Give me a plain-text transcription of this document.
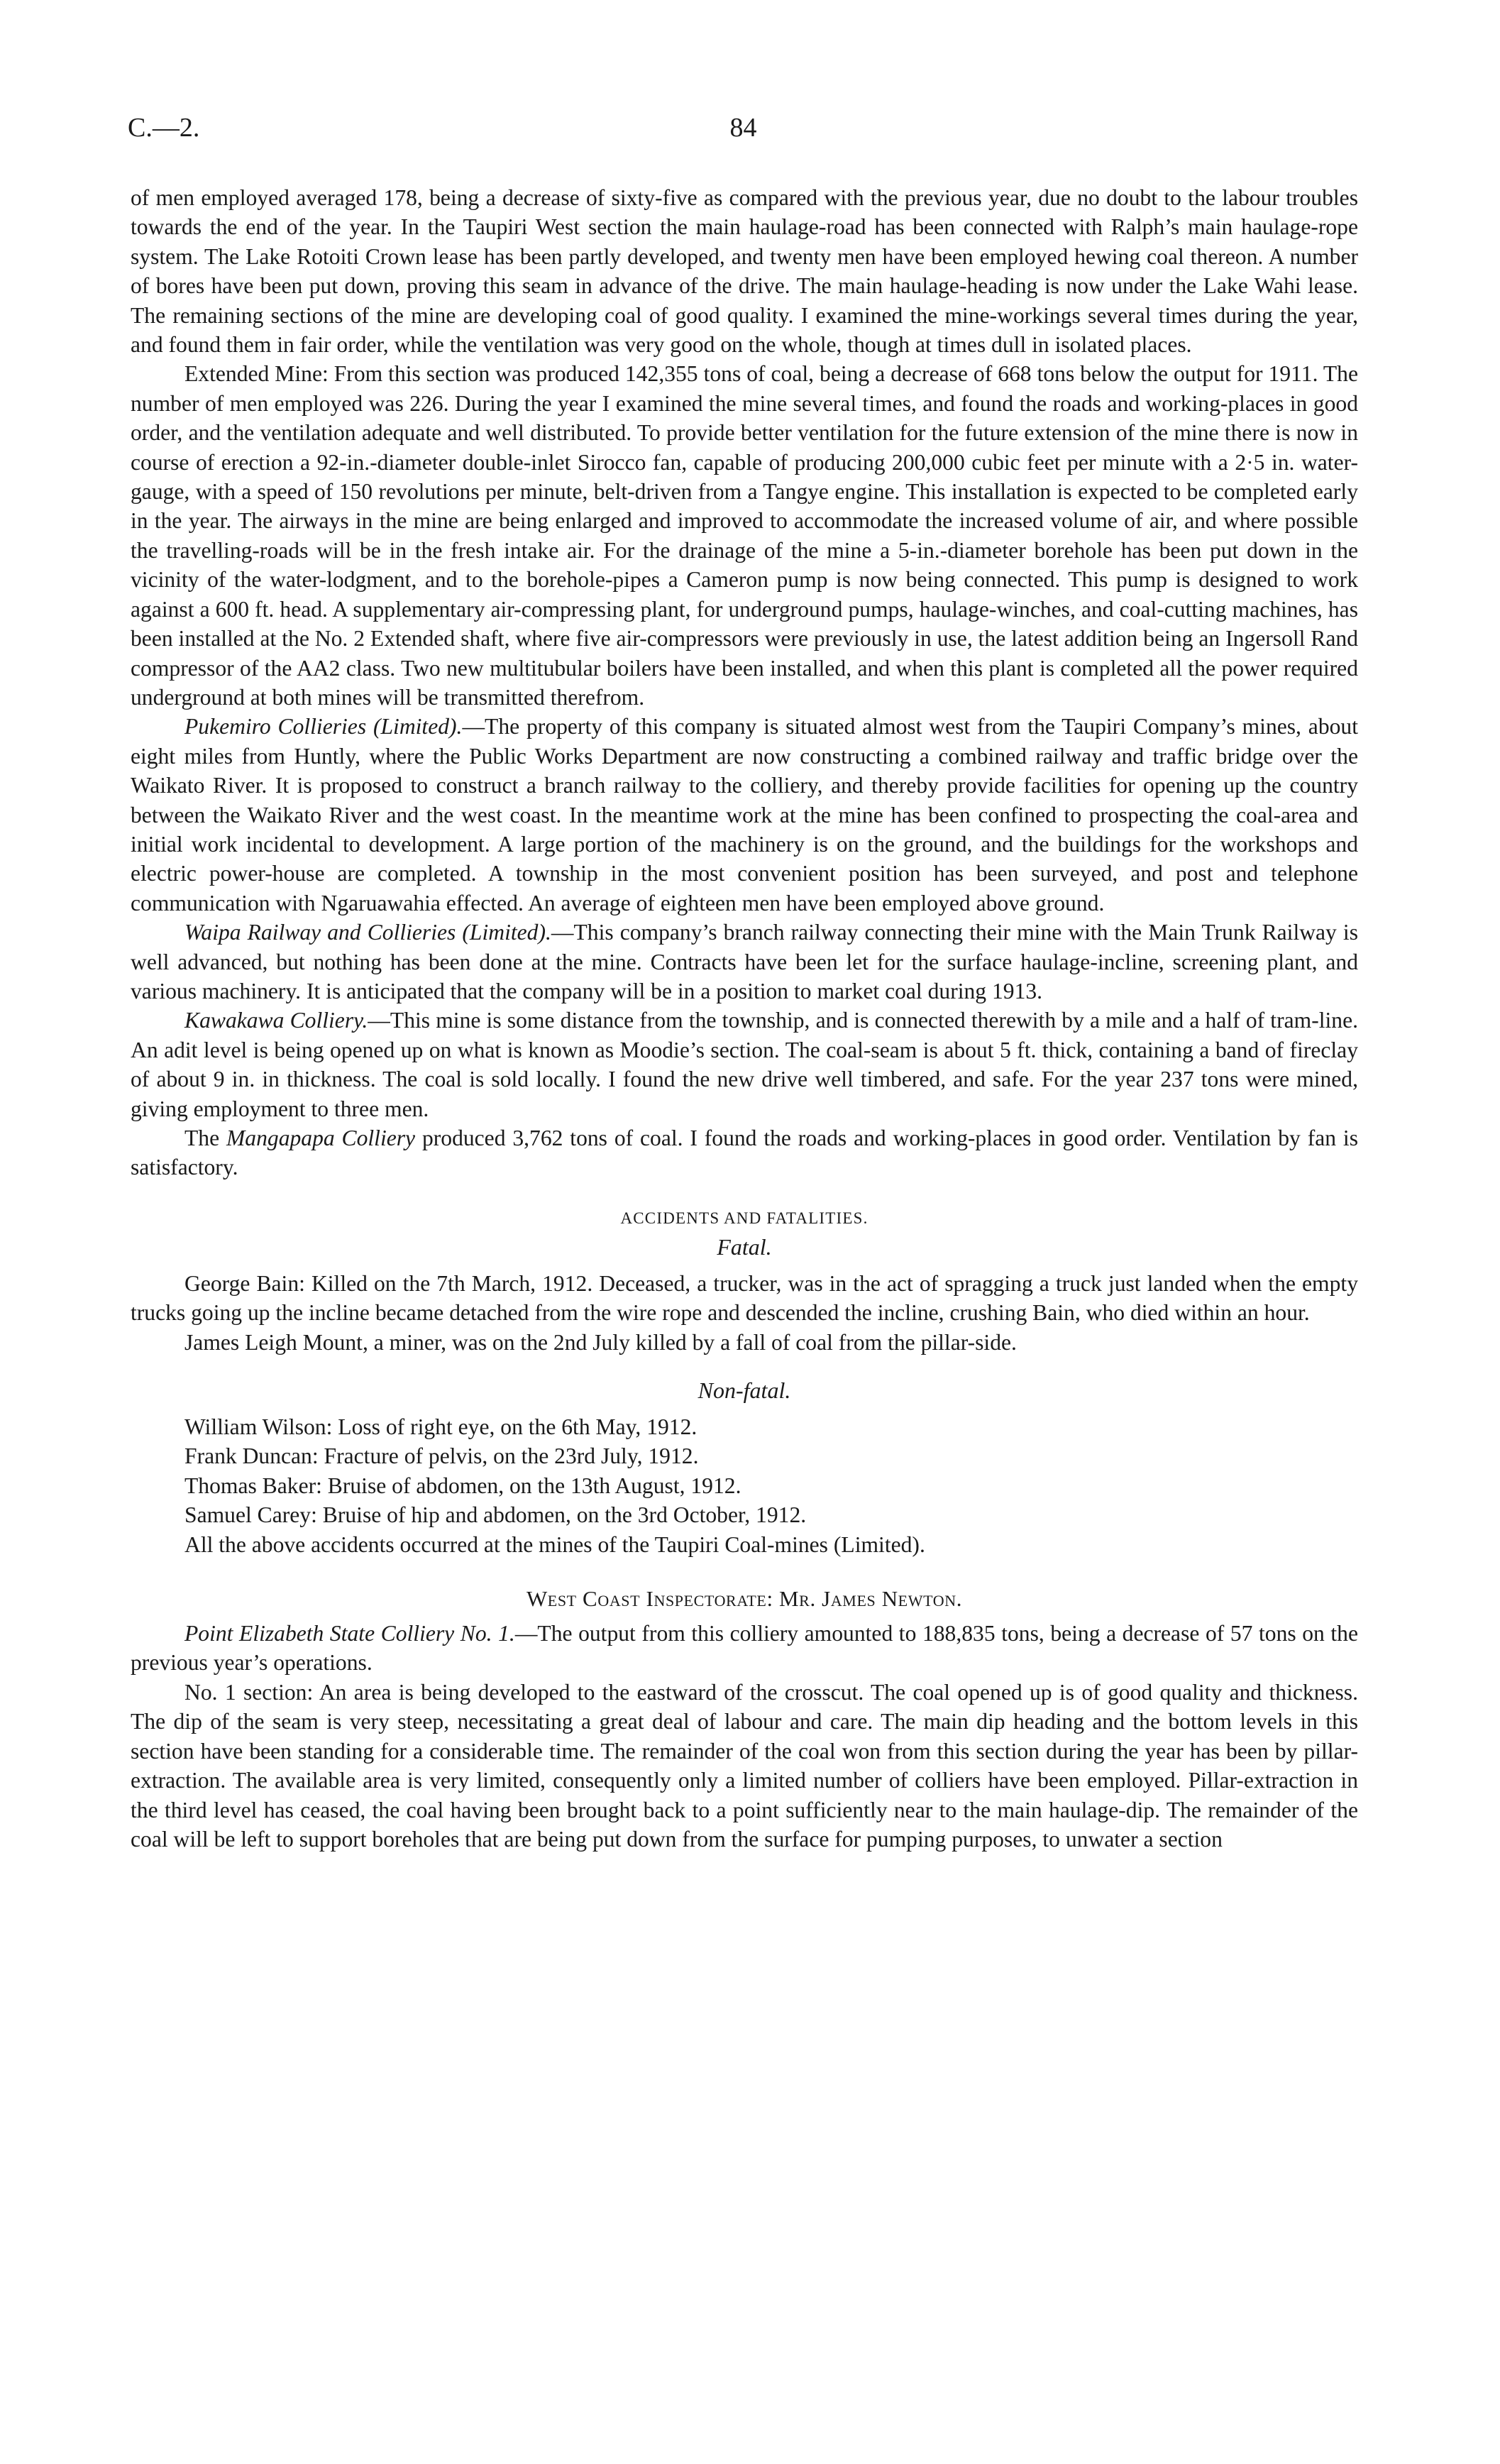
C.—2.	84

of men employed averaged 178, being a decrease of sixty-five as compared with the previous year, due no doubt to the labour troubles towards the end of the year. In the Taupiri West section the main haulage-road has been connected with Ralph’s main haulage-rope system. The Lake Rotoiti Crown lease has been partly developed, and twenty men have been employed hewing coal thereon. A number of bores have been put down, proving this seam in advance of the drive. The main haulage-heading is now under the Lake Wahi lease. The remaining sections of the mine are developing coal of good quality. I examined the mine-workings several times during the year, and found them in fair order, while the ventilation was very good on the whole, though at times dull in isolated places.

Extended Mine: From this section was produced 142,355 tons of coal, being a decrease of 668 tons below the output for 1911. The number of men employed was 226. During the year I examined the mine several times, and found the roads and working-places in good order, and the ventilation adequate and well distributed. To provide better ventilation for the future extension of the mine there is now in course of erection a 92-in.-diameter double-inlet Sirocco fan, capable of producing 200,000 cubic feet per minute with a 2·5 in. water-gauge, with a speed of 150 revolutions per minute, belt-driven from a Tangye engine. This installation is expected to be completed early in the year. The airways in the mine are being enlarged and improved to accommodate the increased volume of air, and where possible the travelling-roads will be in the fresh intake air. For the drainage of the mine a 5-in.-diameter borehole has been put down in the vicinity of the water-lodgment, and to the borehole-pipes a Cameron pump is now being connected. This pump is designed to work against a 600 ft. head. A supplementary air-compressing plant, for underground pumps, haulage-winches, and coal-cutting machines, has been installed at the No. 2 Extended shaft, where five air-compressors were previously in use, the latest addition being an Ingersoll Rand compressor of the AA2 class. Two new multitubular boilers have been installed, and when this plant is completed all the power required underground at both mines will be transmitted therefrom.

Pukemiro Collieries (Limited).—The property of this company is situated almost west from the Taupiri Company’s mines, about eight miles from Huntly, where the Public Works Department are now constructing a combined railway and traffic bridge over the Waikato River. It is proposed to construct a branch railway to the colliery, and thereby provide facilities for opening up the country between the Waikato River and the west coast. In the meantime work at the mine has been confined to prospecting the coal-area and initial work incidental to development. A large portion of the machinery is on the ground, and the buildings for the workshops and electric power-house are completed. A township in the most convenient position has been surveyed, and post and telephone communication with Ngaruawahia effected. An average of eighteen men have been employed above ground.

Waipa Railway and Collieries (Limited).—This company’s branch railway connecting their mine with the Main Trunk Railway is well advanced, but nothing has been done at the mine. Contracts have been let for the surface haulage-incline, screening plant, and various machinery. It is anticipated that the company will be in a position to market coal during 1913.

Kawakawa Colliery.—This mine is some distance from the township, and is connected therewith by a mile and a half of tram-line. An adit level is being opened up on what is known as Moodie’s section. The coal-seam is about 5 ft. thick, containing a band of fireclay of about 9 in. in thickness. The coal is sold locally. I found the new drive well timbered, and safe. For the year 237 tons were mined, giving employment to three men.

The Mangapapa Colliery produced 3,762 tons of coal. I found the roads and working-places in good order. Ventilation by fan is satisfactory.

ACCIDENTS AND FATALITIES.
Fatal.

George Bain: Killed on the 7th March, 1912. Deceased, a trucker, was in the act of spragging a truck just landed when the empty trucks going up the incline became detached from the wire rope and descended the incline, crushing Bain, who died within an hour.

James Leigh Mount, a miner, was on the 2nd July killed by a fall of coal from the pillar-side.

Non-fatal.
William Wilson: Loss of right eye, on the 6th May, 1912.
Frank Duncan: Fracture of pelvis, on the 23rd July, 1912.
Thomas Baker: Bruise of abdomen, on the 13th August, 1912.
Samuel Carey: Bruise of hip and abdomen, on the 3rd October, 1912.
All the above accidents occurred at the mines of the Taupiri Coal-mines (Limited).
West Coast Inspectorate: Mr. James Newton.

Point Elizabeth State Colliery No. 1.—The output from this colliery amounted to 188,835 tons, being a decrease of 57 tons on the previous year’s operations.

No. 1 section: An area is being developed to the eastward of the crosscut. The coal opened up is of good quality and thickness. The dip of the seam is very steep, necessitating a great deal of labour and care. The main dip heading and the bottom levels in this section have been standing for a considerable time. The remainder of the coal won from this section during the year has been by pillar-extraction. The available area is very limited, consequently only a limited number of colliers have been employed. Pillar-extraction in the third level has ceased, the coal having been brought back to a point sufficiently near to the main haulage-dip. The remainder of the coal will be left to support boreholes that are being put down from the surface for pumping purposes, to unwater a section
